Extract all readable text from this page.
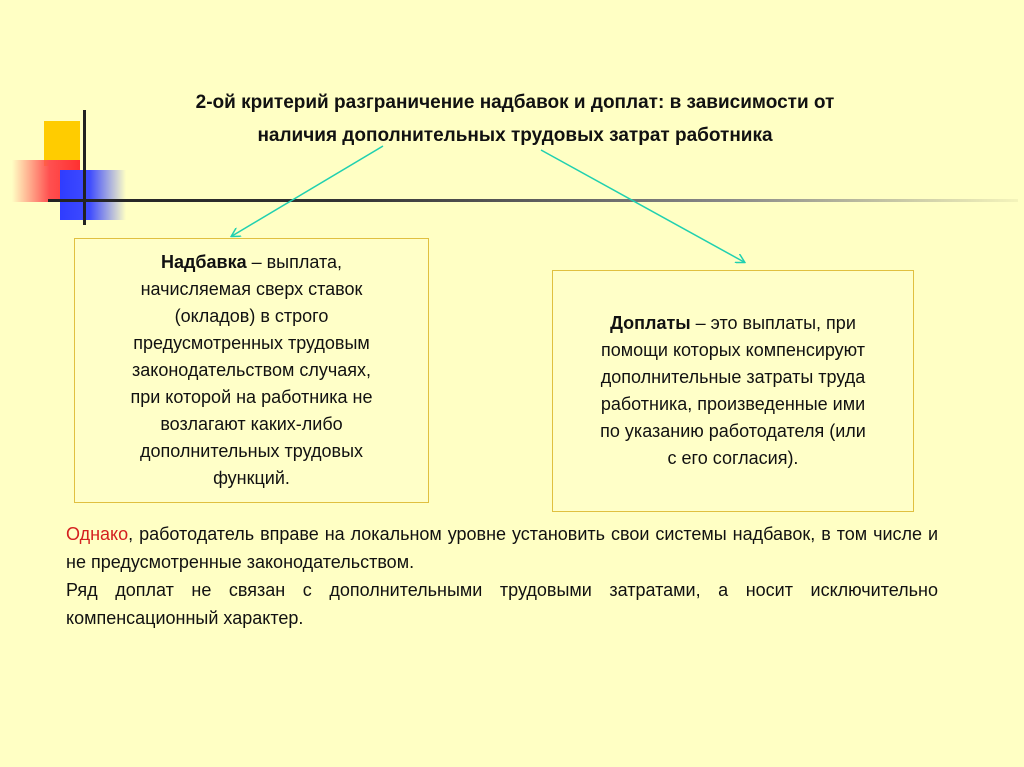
2-ой критерий разграничение надбавок и доплат: в зависимости от
наличия дополнительных трудовых затрат работника
Надбавка – выплата,
начисляемая сверх ставок
(окладов) в строго
предусмотренных трудовым
законодательством случаях,
при которой на работника не
возлагают каких-либо
дополнительных трудовых
функций.
Доплаты – это выплаты, при
помощи которых компенсируют
дополнительные затраты труда
работника, произведенные ими
по указанию работодателя (или
с его согласия).

Однако, работодатель вправе на локальном уровне установить свои системы надбавок, в том числе и не предусмотренные законодательством.

Ряд доплат не связан с дополнительными трудовыми затратами, а носит исключительно компенсационный характер.
